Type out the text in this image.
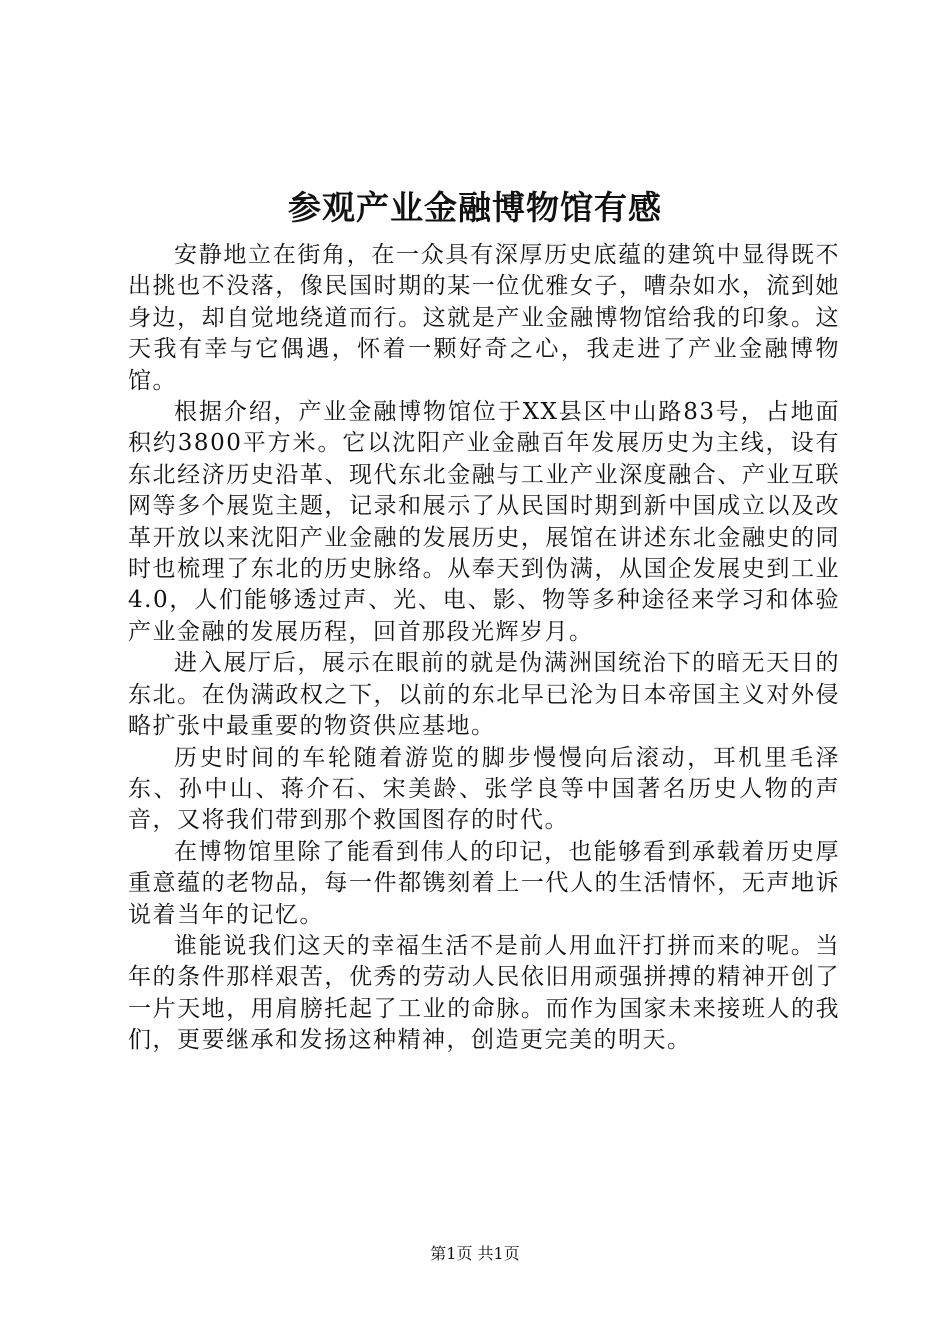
参观产业金融博物馆有感

安静地立在街角，在一众具有深厚历史底蕴的建筑中显得既不出挑也不没落，像民国时期的某一位优雅女子，嘈杂如水，流到她身边，却自觉地绕道而行。这就是产业金融博物馆给我的印象。这天我有幸与它偶遇，怀着一颗好奇之心，我走进了产业金融博物馆。

根据介绍，产业金融博物馆位于XX县区中山路83号，占地面积约3800平方米。它以沈阳产业金融百年发展历史为主线，设有东北经济历史沿革、现代东北金融与工业产业深度融合、产业互联网等多个展览主题，记录和展示了从民国时期到新中国成立以及改革开放以来沈阳产业金融的发展历史，展馆在讲述东北金融史的同时也梳理了东北的历史脉络。从奉天到伪满，从国企发展史到工业4.0，人们能够透过声、光、电、影、物等多种途径来学习和体验产业金融的发展历程，回首那段光辉岁月。

进入展厅后，展示在眼前的就是伪满洲国统治下的暗无天日的东北。在伪满政权之下，以前的东北早已沦为日本帝国主义对外侵略扩张中最重要的物资供应基地。

历史时间的车轮随着游览的脚步慢慢向后滚动，耳机里毛泽东、孙中山、蒋介石、宋美龄、张学良等中国著名历史人物的声音，又将我们带到那个救国图存的时代。

在博物馆里除了能看到伟人的印记，也能够看到承载着历史厚重意蕴的老物品，每一件都镌刻着上一代人的生活情怀，无声地诉说着当年的记忆。

谁能说我们这天的幸福生活不是前人用血汗打拼而来的呢。当年的条件那样艰苦，优秀的劳动人民依旧用顽强拼搏的精神开创了一片天地，用肩膀托起了工业的命脉。而作为国家未来接班人的我们，更要继承和发扬这种精神，创造更完美的明天。

第1页 共1页
